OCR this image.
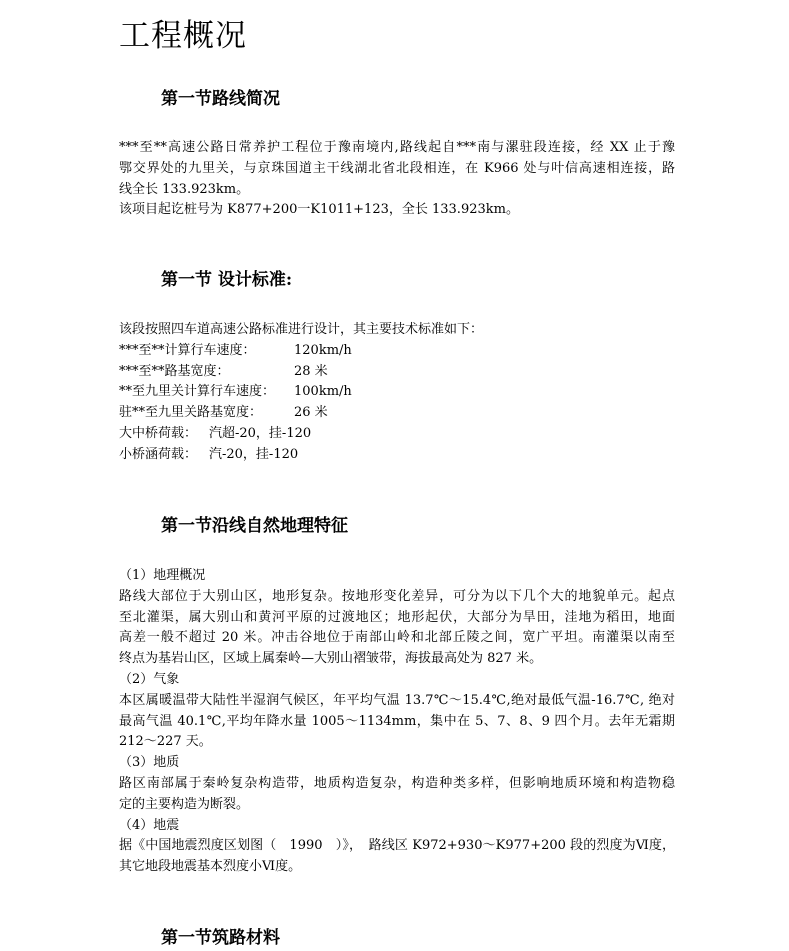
工程概况
第一节路线简况
***至**高速公路日常养护工程位于豫南境内,路线起自***南与漯驻段连接，经 XX 止于豫
鄂交界处的九里关，与京珠国道主干线湖北省北段相连，在 K966 处与叶信高速相连接，路
线全长 133.923km。
该项目起讫桩号为 K877+200一K1011+123，全长 133.923km。
第一节 设计标准:
该段按照四车道高速公路标准进行设计，其主要技术标准如下：
***至**计算行车速度：	120km/h
***至**路基宽度：	28 米
**至九里关计算行车速度： 100km/h
驻**至九里关路基宽度： 26 米
大中桥荷载： 汽超-20，挂-120
小桥涵荷载： 汽-20，挂-120
第一节沿线自然地理特征
（1）地理概况
路线大部位于大别山区，地形复杂。按地形变化差异，可分为以下几个大的地貌单元。起点
至北灌渠，属大别山和黄河平原的过渡地区；地形起伏，大部分为旱田，洼地为稻田，地面
高差一般不超过 20 米。冲击谷地位于南部山岭和北部丘陵之间，宽广平坦。南灌渠以南至
终点为基岩山区，区域上属秦岭—大别山褶皱带，海拔最高处为 827 米。
（2）气象
本区属暖温带大陆性半湿润气候区，年平均气温 13.7℃～15.4℃,绝对最低气温-16.7℃, 绝对
最高气温 40.1℃,平均年降水量 1005～1134mm，集中在 5、7、8、9 四个月。去年无霜期
212～227 天。
（3）地质
路区南部属于秦岭复杂构造带，地质构造复杂，构造种类多样，但影响地质环境和构造物稳
定的主要构造为断裂。
（4）地震
据《中国地震烈度区划图（　1990　）》，　路线区 K972+930～K977+200 段的烈度为Ⅵ度，
其它地段地震基本烈度小Ⅵ度。
第一节筑路材料
